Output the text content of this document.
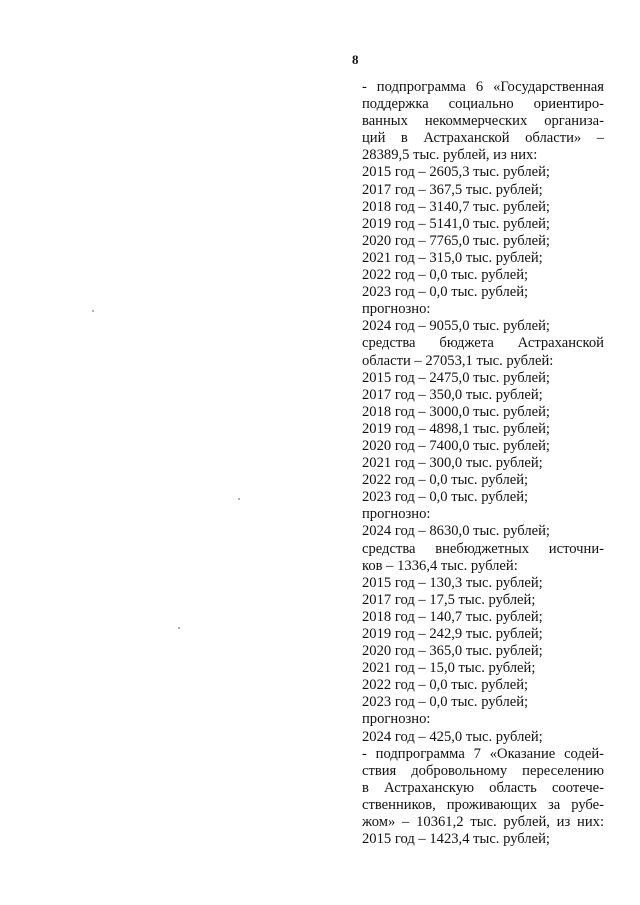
8
- подпрограмма 6 «Государственная
поддержка социально ориентиро-
ванных некоммерческих организа-
ций в Астраханской области» –
28389,5 тыс. рублей, из них:
2015 год – 2605,3 тыс. рублей;
2017 год – 367,5 тыс. рублей;
2018 год – 3140,7 тыс. рублей;
2019 год – 5141,0 тыс. рублей;
2020 год – 7765,0 тыс. рублей;
2021 год – 315,0 тыс. рублей;
2022 год – 0,0 тыс. рублей;
2023 год – 0,0 тыс. рублей;
прогнозно:
2024 год – 9055,0 тыс. рублей;
средства бюджета Астраханской
области – 27053,1 тыс. рублей:
2015 год – 2475,0 тыс. рублей;
2017 год – 350,0 тыс. рублей;
2018 год – 3000,0 тыс. рублей;
2019 год – 4898,1 тыс. рублей;
2020 год – 7400,0 тыс. рублей;
2021 год – 300,0 тыс. рублей;
2022 год – 0,0 тыс. рублей;
2023 год – 0,0 тыс. рублей;
прогнозно:
2024 год – 8630,0 тыс. рублей;
средства внебюджетных источни-
ков – 1336,4 тыс. рублей:
2015 год – 130,3 тыс. рублей;
2017 год – 17,5 тыс. рублей;
2018 год – 140,7 тыс. рублей;
2019 год – 242,9 тыс. рублей;
2020 год – 365,0 тыс. рублей;
2021 год – 15,0 тыс. рублей;
2022 год – 0,0 тыс. рублей;
2023 год – 0,0 тыс. рублей;
прогнозно:
2024 год – 425,0 тыс. рублей;
- подпрограмма 7 «Оказание содей-
ствия добровольному переселению
в Астраханскую область соотече-
ственников, проживающих за рубе-
жом» – 10361,2 тыс. рублей, из них:
2015 год – 1423,4 тыс. рублей;
